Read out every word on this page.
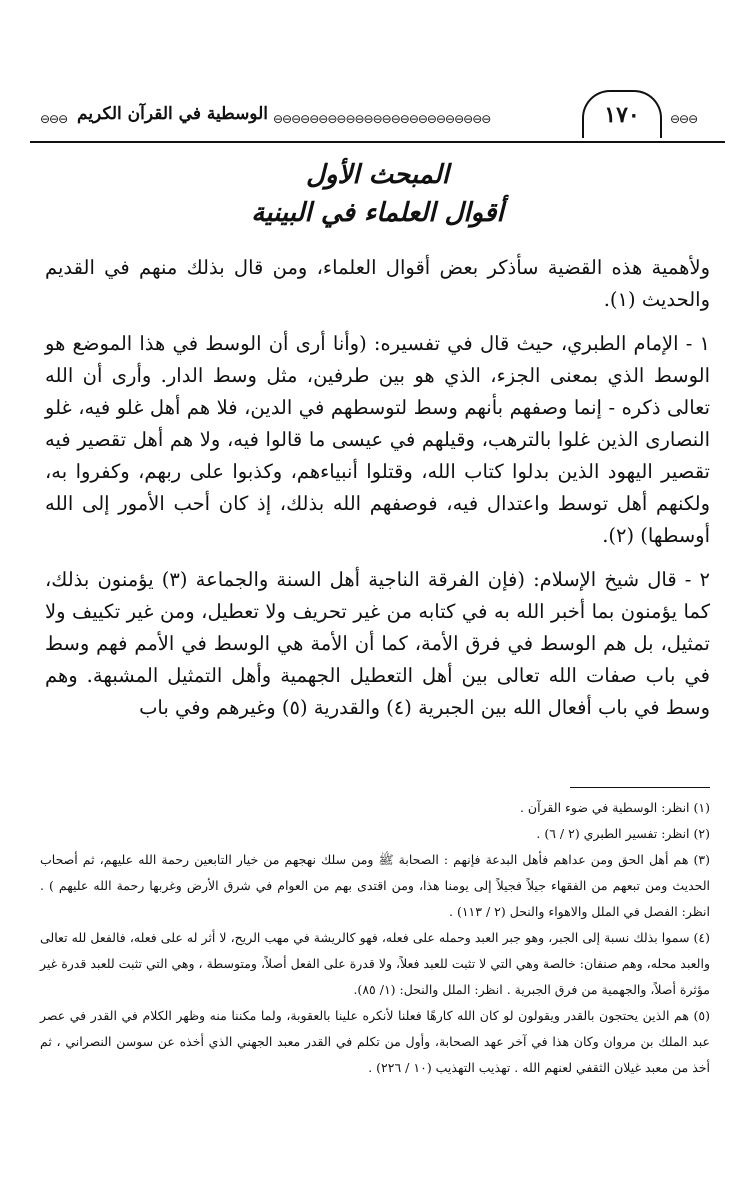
⊖⊖⊖ الوسطية في القرآن الكريم ⊖⊖⊖⊖⊖⊖⊖⊖⊖⊖⊖⊖⊖⊖⊖⊖⊖⊖⊖⊖⊖⊖⊖⊖	١٧٠	⊖⊖⊖
المبحث الأول
أقوال العلماء في البينية

ولأهمية هذه القضية سأذكر بعض أقوال العلماء، ومن قال بذلك منهم في القديم والحديث (١).

١ - الإمام الطبري، حيث قال في تفسيره: (وأنا أرى أن الوسط في هذا الموضع هو الوسط الذي بمعنى الجزء، الذي هو بين طرفين، مثل وسط الدار. وأرى أن الله تعالى ذكره - إنما وصفهم بأنهم وسط لتوسطهم في الدين، فلا هم أهل غلو فيه، غلو النصارى الذين غلوا بالترهب، وقيلهم في عيسى ما قالوا فيه، ولا هم أهل تقصير فيه تقصير اليهود الذين بدلوا كتاب الله، وقتلوا أنبياءهم، وكذبوا على ربهم، وكفروا به، ولكنهم أهل توسط واعتدال فيه، فوصفهم الله بذلك، إذ كان أحب الأمور إلى الله أوسطها) (٢).

٢ - قال شيخ الإسلام: (فإن الفرقة الناجية أهل السنة والجماعة (٣) يؤمنون بذلك، كما يؤمنون بما أخبر الله به في كتابه من غير تحريف ولا تعطيل، ومن غير تكييف ولا تمثيل، بل هم الوسط في فرق الأمة، كما أن الأمة هي الوسط في الأمم فهم وسط في باب صفات الله تعالى بين أهل التعطيل الجهمية وأهل التمثيل المشبهة. وهم وسط في باب أفعال الله بين الجبرية (٤) والقدرية (٥) وغيرهم وفي باب

(١) انظر: الوسطية في ضوء القرآن .

(٢) انظر: تفسير الطبري (٢ / ٦) .

(٣) هم أهل الحق ومن عداهم فأهل البدعة فإنهم : الصحابة ﷺ ومن سلك نهجهم من خيار التابعين رحمة الله عليهم، ثم أصحاب الحديث ومن تبعهم من الفقهاء جيلاً فجيلاً إلى يومنا هذا، ومن اقتدى بهم من العوام في شرق الأرض وغربها رحمة الله عليهم ) . انظر: الفصل في الملل والاهواء والنحل (٢ / ١١٣) .

(٤) سموا بذلك نسبة إلى الجبر، وهو جبر العبد وحمله على فعله، فهو كالريشة في مهب الريح، لا أثر له على فعله، فالفعل لله تعالى والعبد محله، وهم صنفان: خالصة وهي التي لا تثبت للعبد فعلاً، ولا قدرة على الفعل أصلاً، ومتوسطة ، وهي التي تثبت للعبد قدرة غير مؤثرة أصلاً، والجهمية من فرق الجبرية . انظر: الملل والنحل: (١/ ٨٥).

(٥) هم الذين يحتجون بالقدر ويقولون لو كان الله كارهًا فعلنا لأنكره علينا بالعقوبة، ولما مكننا منه وظهر الكلام في القدر في عصر عبد الملك بن مروان وكان هذا في آخر عهد الصحابة، وأول من تكلم في القدر معبد الجهني الذي أخذه عن سوسن النصراني ، ثم أخذ من معبد غيلان الثقفي لعنهم الله . تهذيب التهذيب (١٠ / ٢٢٦) .
